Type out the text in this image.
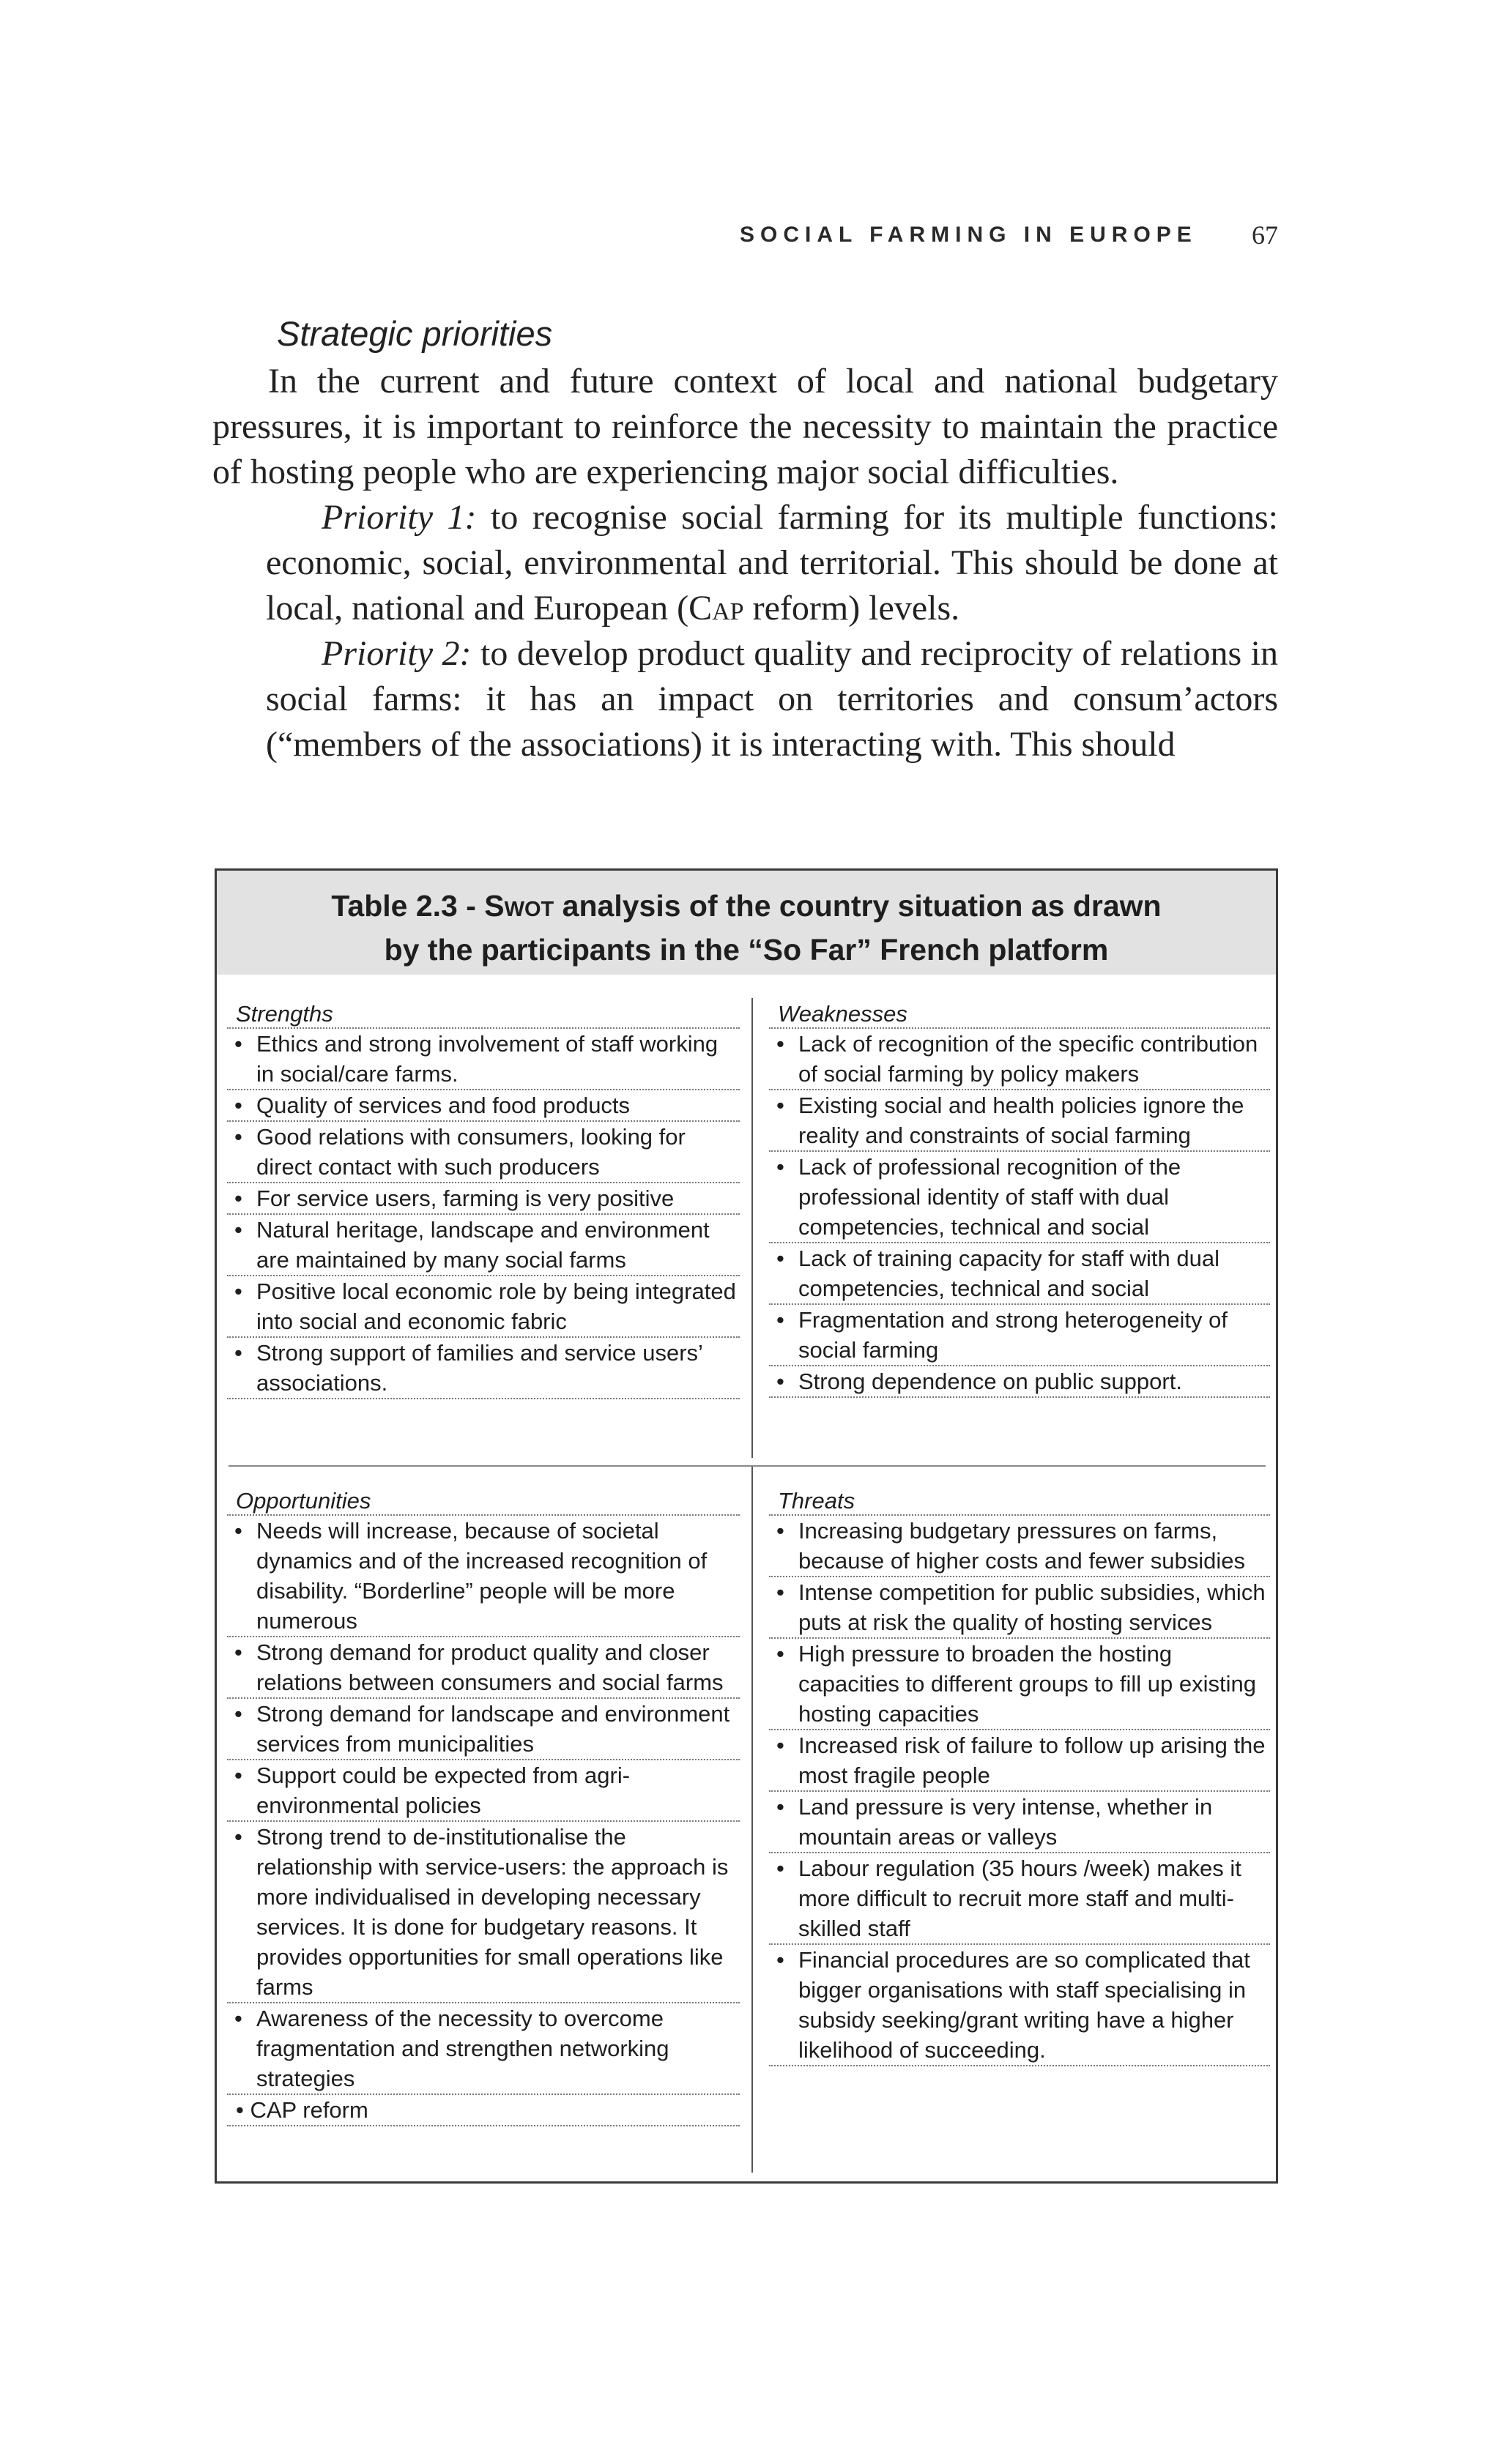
SOCIAL FARMING IN EUROPE 67
Strategic priorities

In the current and future context of local and national budgetary pressures, it is important to reinforce the necessity to maintain the practice of hosting people who are experiencing major social difficulties.

Priority 1: to recognise social farming for its multiple functions: economic, social, environmental and territorial. This should be done at local, national and European (Cap reform) levels.

Priority 2: to develop product quality and reciprocity of relations in social farms: it has an impact on territories and consum’actors (“members of the associations) it is interacting with. This should

Table 2.3 - Swot analysis of the country situation as drawn
by the participants in the “So Far” French platform
Strengths
• Ethics and strong involvement of staff working in social/care farms.
• Quality of services and food products
• Good relations with consumers, looking for direct contact with such producers
• For service users, farming is very positive
• Natural heritage, landscape and environment are maintained by many social farms
• Positive local economic role by being integrated into social and economic fabric
• Strong support of families and service users’ associations.
Weaknesses
• Lack of recognition of the specific contribution of social farming by policy makers
• Existing social and health policies ignore the reality and constraints of social farming
• Lack of professional recognition of the professional identity of staff with dual competencies, technical and social
• Lack of training capacity for staff with dual competencies, technical and social
• Fragmentation and strong heterogeneity of social farming
• Strong dependence on public support.
Opportunities
• Needs will increase, because of societal dynamics and of the increased recognition of disability. “Borderline” people will be more numerous
• Strong demand for product quality and closer relations between consumers and social farms
• Strong demand for landscape and environment services from municipalities
• Support could be expected from agri-environmental policies
• Strong trend to de-institutionalise the relationship with service-users: the approach is more individualised in developing necessary services. It is done for budgetary reasons. It provides opportunities for small operations like farms
• Awareness of the necessity to overcome fragmentation and strengthen networking strategies
• CAP reform
Threats
• Increasing budgetary pressures on farms, because of higher costs and fewer subsidies
• Intense competition for public subsidies, which puts at risk the quality of hosting services
• High pressure to broaden the hosting capacities to different groups to fill up existing hosting capacities
• Increased risk of failure to follow up arising the most fragile people
• Land pressure is very intense, whether in mountain areas or valleys
• Labour regulation (35 hours /week) makes it more difficult to recruit more staff and multi-skilled staff
• Financial procedures are so complicated that bigger organisations with staff specialising in subsidy seeking/grant writing have a higher likelihood of succeeding.
